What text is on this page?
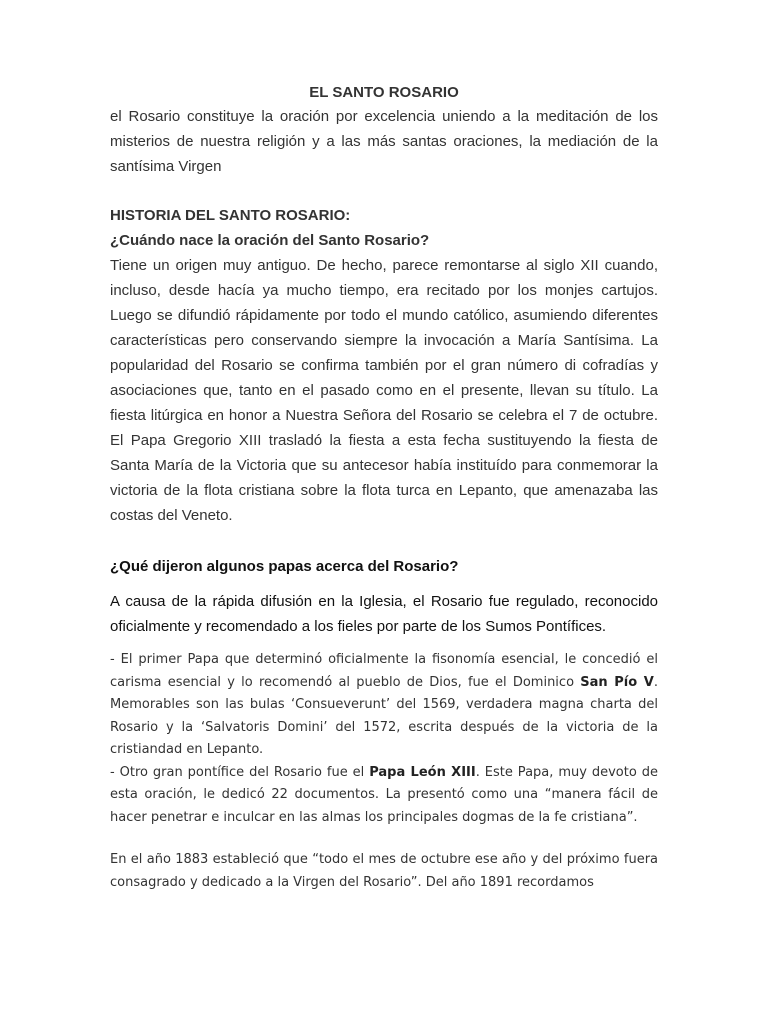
EL SANTO ROSARIO

el Rosario constituye la oración por excelencia uniendo a la meditación de los misterios de nuestra religión y a las más santas oraciones, la mediación de la santísima Virgen

HISTORIA DEL SANTO ROSARIO:

¿Cuándo nace la oración del Santo Rosario?

Tiene un origen muy antiguo. De hecho, parece remontarse al siglo XII cuando, incluso, desde hacía ya mucho tiempo, era recitado por los monjes cartujos. Luego se difundió rápidamente por todo el mundo católico, asumiendo diferentes características pero conservando siempre la invocación a María Santísima. La popularidad del Rosario se confirma también por el gran número di cofradías y asociaciones que, tanto en el pasado como en el presente, llevan su título. La fiesta litúrgica en honor a Nuestra Señora del Rosario se celebra el 7 de octubre. El Papa Gregorio XIII trasladó la fiesta a esta fecha sustituyendo la fiesta de Santa María de la Victoria que su antecesor había instituído para conmemorar la victoria de la flota cristiana sobre la flota turca en Lepanto, que amenazaba las costas del Veneto.

¿Qué dijeron algunos papas acerca del Rosario?

A causa de la rápida difusión en la Iglesia, el Rosario fue regulado, reconocido oficialmente y recomendado a los fieles por parte de los Sumos Pontífices.

- El primer Papa que determinó oficialmente la fisonomía esencial, le concedió el carisma esencial y lo recomendó al pueblo de Dios, fue el Dominico San Pío V. Memorables son las bulas ‘Consueverunt’ del 1569, verdadera magna charta del Rosario y la ‘Salvatoris Domini’ del 1572, escrita después de la victoria de la cristiandad en Lepanto.

- Otro gran pontífice del Rosario fue el Papa León XIII. Este Papa, muy devoto de esta oración, le dedicó 22 documentos. La presentó como una “manera fácil de hacer penetrar e inculcar en las almas los principales dogmas de la fe cristiana”.

En el año 1883 estableció que “todo el mes de octubre ese año y del próximo fuera consagrado y dedicado a la Virgen del Rosario”. Del año 1891 recordamos
